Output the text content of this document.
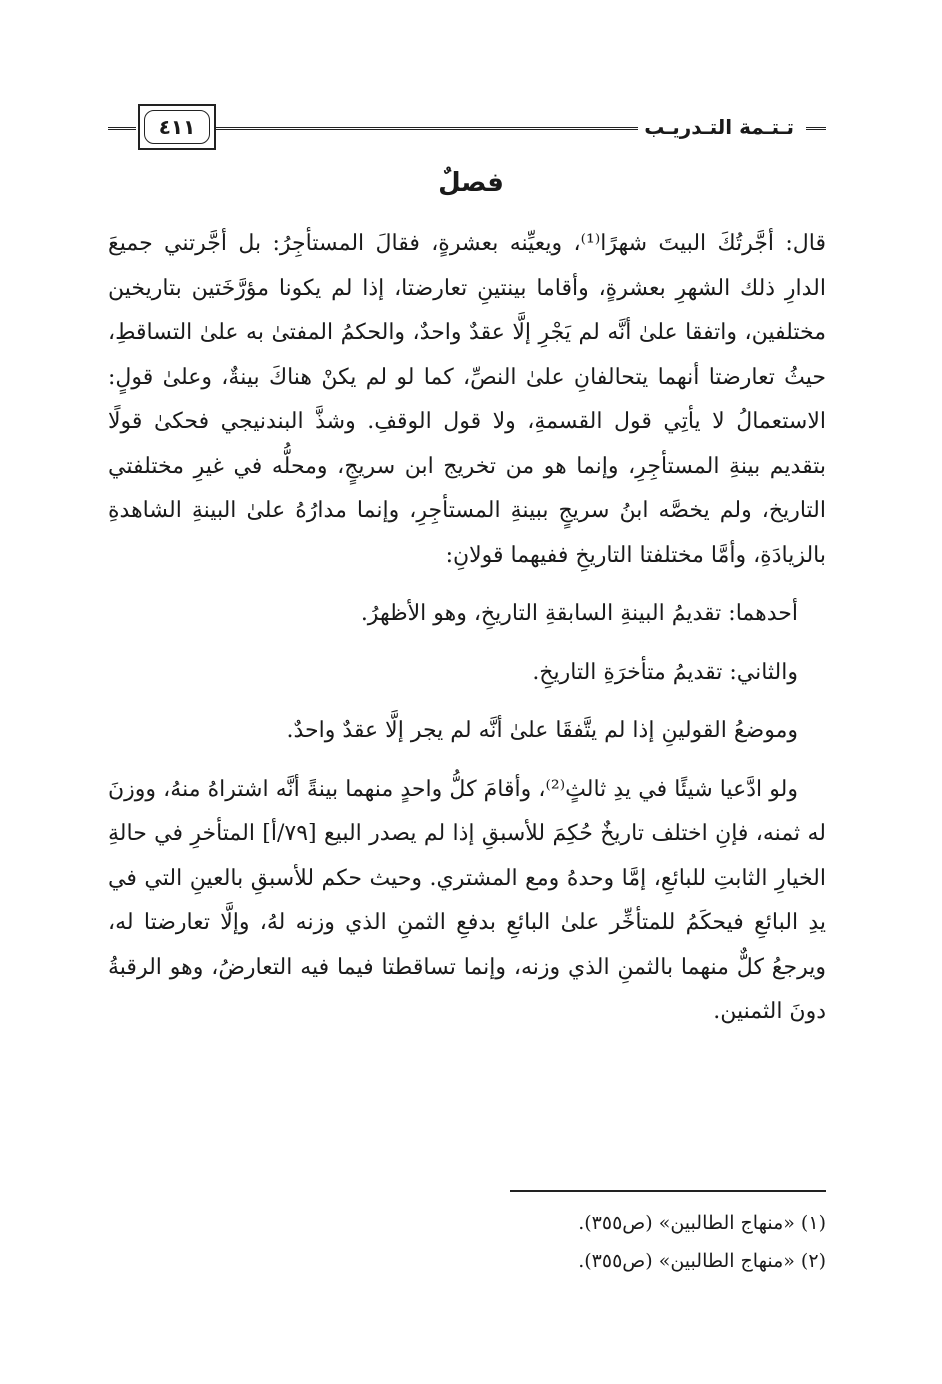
تـتـمة التـدريـب
٤١١
فصلٌ

قال: أجَّرتُكَ البيتَ شهرًا⁽¹⁾، ويعيِّنه بعشرةٍ، فقالَ المستأجِرُ: بل أجَّرتني جميعَ الدارِ ذلك الشهرِ بعشرةٍ، وأقاما بينتينِ تعارضتا، إذا لم يكونا مؤرَّخَتين بتاريخين مختلفين، واتفقا علىٰ أنَّه لم يَجْرِ إلَّا عقدٌ واحدٌ، والحكمُ المفتىٰ به علىٰ التساقطِ، حيثُ تعارضتا أنهما يتحالفانِ علىٰ النصِّ، كما لو لم يكنْ هناكَ بينةٌ، وعلىٰ قولٍ: الاستعمالُ لا يأتِي قول القسمةِ، ولا قول الوقفِ. وشذَّ البندنيجي فحكىٰ قولًا بتقديم بينةِ المستأجِرِ، وإنما هو من تخريج ابن سريجٍ، ومحلُّه في غيرِ مختلفتي التاريخ، ولم يخصَّه ابنُ سريجٍ ببينةِ المستأجِرِ، وإنما مدارُهُ علىٰ البينةِ الشاهدةِ بالزيادَةِ، وأمَّا مختلفتا التاريخِ ففيهما قولانِ:

أحدهما: تقديمُ البينةِ السابقةِ التاريخِ، وهو الأظهرُ.

والثاني: تقديمُ متأخرَةِ التاريخِ.

وموضعُ القولينِ إذا لم يتَّفقَا علىٰ أنَّه لم يجر إلَّا عقدٌ واحدٌ.

ولو ادَّعيا شيئًا في يدِ ثالثٍ⁽²⁾، وأقامَ كلُّ واحدٍ منهما بينةً أنَّه اشتراهُ منهُ، ووزنَ له ثمنه، فإنِ اختلف تاريخٌ حُكِمَ للأسبقِ إذا لم يصدر البيع [٧٩/أ] المتأخرِ في حالةِ الخيارِ الثابتِ للبائعِ، إمَّا وحدهُ ومع المشتري. وحيث حكم للأسبقِ بالعينِ التي في يدِ البائعِ فيحكَمُ للمتأخِّر علىٰ البائعِ بدفعِ الثمنِ الذي وزنه لهُ، وإلَّا تعارضتا له، ويرجعُ كلٌّ منهما بالثمنِ الذي وزنه، وإنما تساقطتا فيما فيه التعارضُ، وهو الرقبةُ دونَ الثمنين.

(١) «منهاج الطالبين» (ص٣٥٥).
(٢) «منهاج الطالبين» (ص٣٥٥).
